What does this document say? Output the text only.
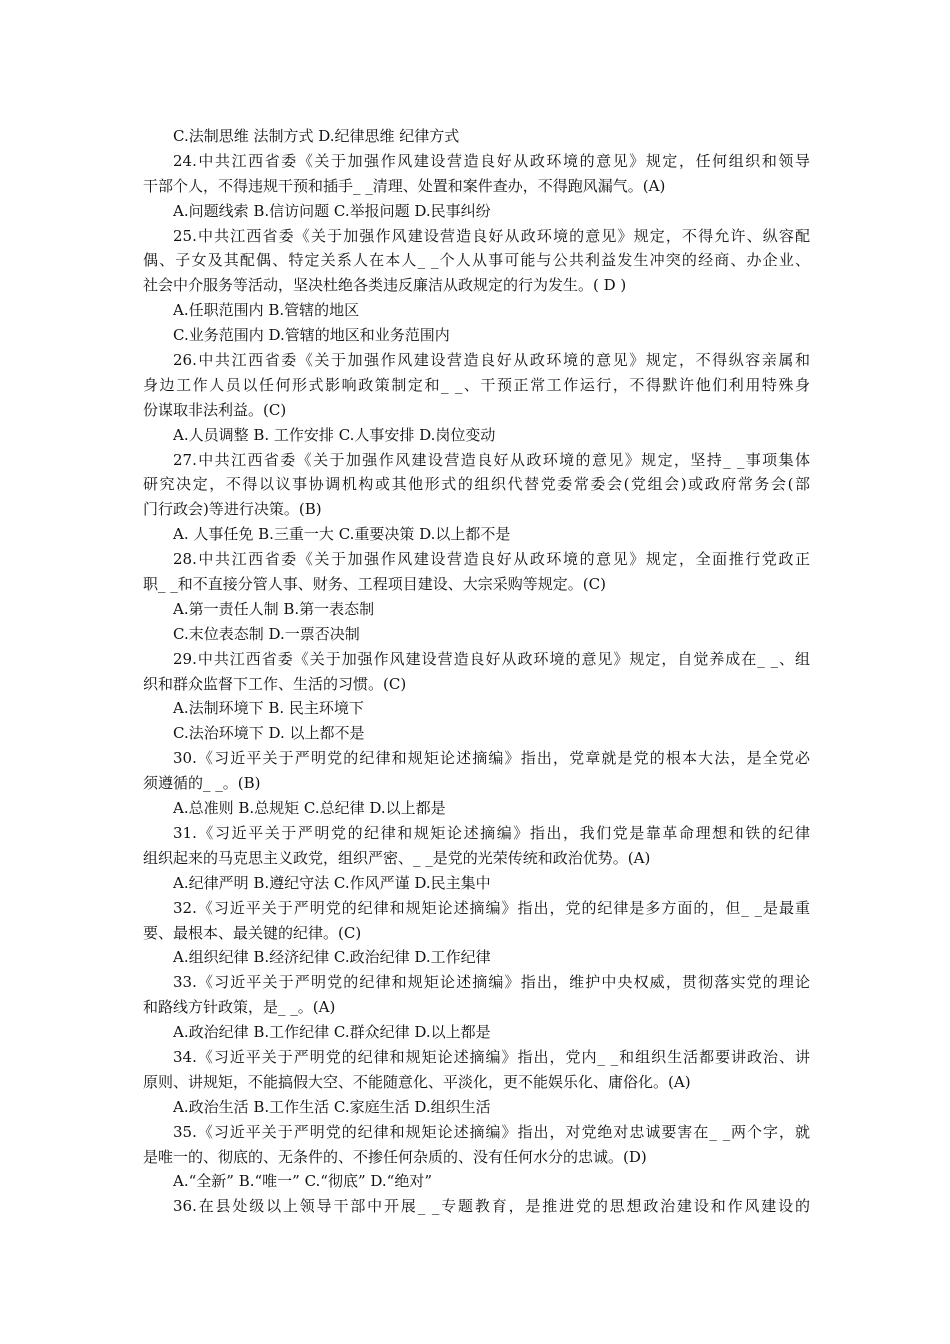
C.法制思维 法制方式 D.纪律思维 纪律方式
24.中共江西省委《关于加强作风建设营造良好从政环境的意见》规定，任何组织和领导
干部个人，不得违规干预和插手_ _清理、处置和案件查办，不得跑风漏气。(A)
A.问题线索 B.信访问题 C.举报问题 D.民事纠纷
25.中共江西省委《关于加强作风建设营造良好从政环境的意见》规定，不得允许、纵容配
偶、子女及其配偶、特定关系人在本人_ _个人从事可能与公共利益发生冲突的经商、办企业、
社会中介服务等活动，坚决杜绝各类违反廉洁从政规定的行为发生。( D )
A.任职范围内 B.管辖的地区
C.业务范围内 D.管辖的地区和业务范围内
26.中共江西省委《关于加强作风建设营造良好从政环境的意见》规定，不得纵容亲属和
身边工作人员以任何形式影响政策制定和_ _、干预正常工作运行，不得默许他们利用特殊身
份谋取非法利益。(C)
A.人员调整 B. 工作安排 C.人事安排 D.岗位变动
27.中共江西省委《关于加强作风建设营造良好从政环境的意见》规定，坚持_ _事项集体
研究决定，不得以议事协调机构或其他形式的组织代替党委常委会(党组会)或政府常务会(部
门行政会)等进行决策。(B)
A. 人事任免 B.三重一大 C.重要决策 D.以上都不是
28.中共江西省委《关于加强作风建设营造良好从政环境的意见》规定，全面推行党政正
职_ _和不直接分管人事、财务、工程项目建设、大宗采购等规定。(C)
A.第一责任人制 B.第一表态制
C.末位表态制 D.一票否决制
29.中共江西省委《关于加强作风建设营造良好从政环境的意见》规定，自觉养成在_ _、组
织和群众监督下工作、生活的习惯。(C)
A.法制环境下 B. 民主环境下
C.法治环境下 D. 以上都不是
30.《习近平关于严明党的纪律和规矩论述摘编》指出，党章就是党的根本大法，是全党必
须遵循的_ _。(B)
A.总准则 B.总规矩 C.总纪律 D.以上都是
31.《习近平关于严明党的纪律和规矩论述摘编》指出，我们党是靠革命理想和铁的纪律
组织起来的马克思主义政党，组织严密、_ _是党的光荣传统和政治优势。(A)
A.纪律严明 B.遵纪守法 C.作风严谨 D.民主集中
32.《习近平关于严明党的纪律和规矩论述摘编》指出，党的纪律是多方面的，但_ _是最重
要、最根本、最关键的纪律。(C)
A.组织纪律 B.经济纪律 C.政治纪律 D.工作纪律
33.《习近平关于严明党的纪律和规矩论述摘编》指出，维护中央权威，贯彻落实党的理论
和路线方针政策，是_ _。(A)
A.政治纪律 B.工作纪律 C.群众纪律 D.以上都是
34.《习近平关于严明党的纪律和规矩论述摘编》指出，党内_ _和组织生活都要讲政治、讲
原则、讲规矩，不能搞假大空、不能随意化、平淡化，更不能娱乐化、庸俗化。(A)
A.政治生活 B.工作生活 C.家庭生活 D.组织生活
35.《习近平关于严明党的纪律和规矩论述摘编》指出，对党绝对忠诚要害在_ _两个字，就
是唯一的、彻底的、无条件的、不掺任何杂质的、没有任何水分的忠诚。(D)
A.“全新” B.“唯一” C.“彻底” D.“绝对”
36.在县处级以上领导干部中开展_ _专题教育，是推进党的思想政治建设和作风建设的
